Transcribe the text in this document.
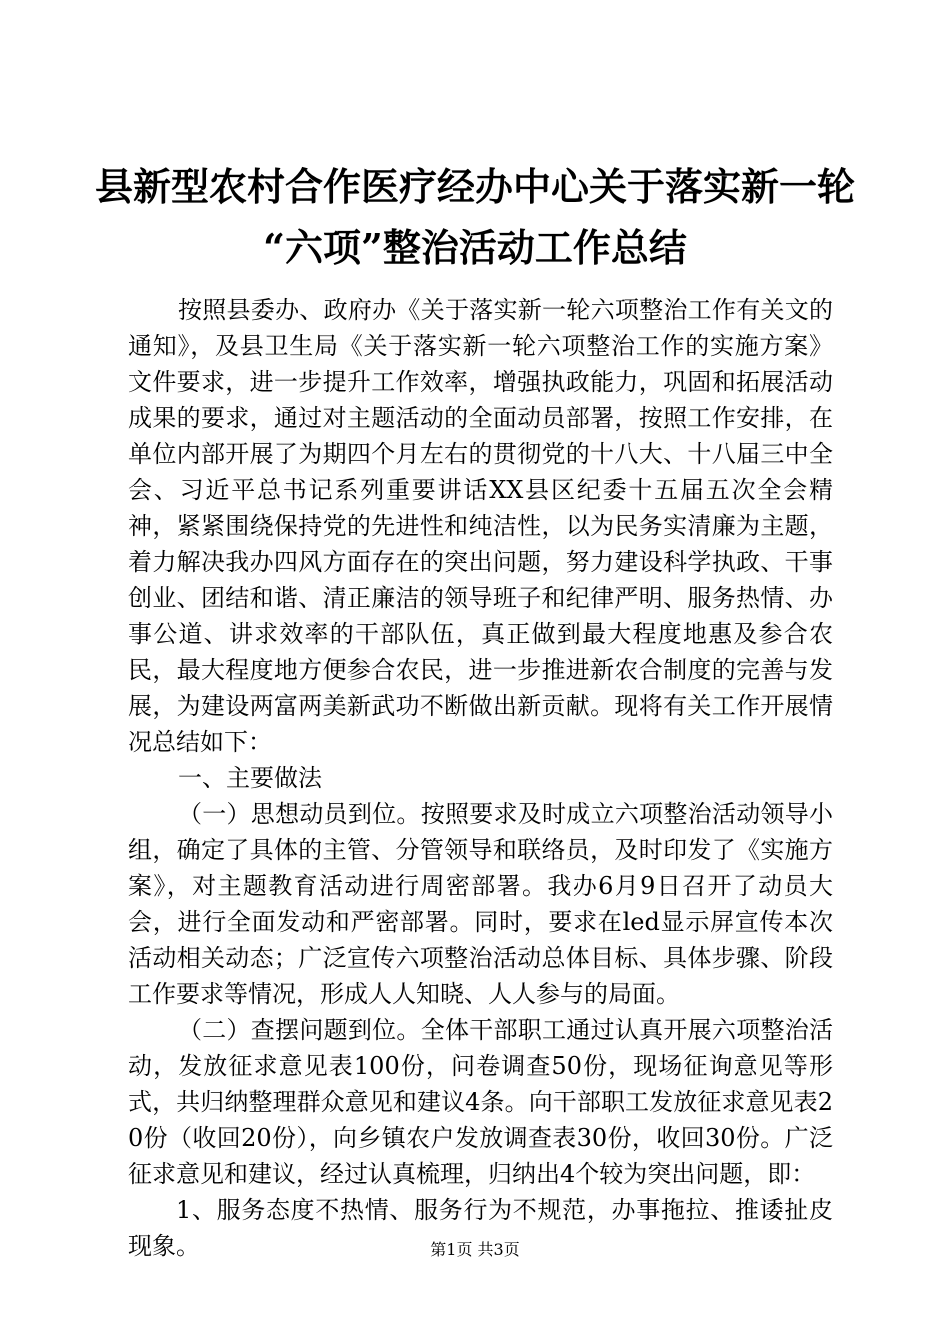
县新型农村合作医疗经办中心关于落实新一轮
“六项”整治活动工作总结

按照县委办、政府办《关于落实新一轮六项整治工作有关文的通知》，及县卫生局《关于落实新一轮六项整治工作的实施方案》文件要求，进一步提升工作效率，增强执政能力，巩固和拓展活动成果的要求，通过对主题活动的全面动员部署，按照工作安排，在单位内部开展了为期四个月左右的贯彻党的十八大、十八届三中全会、习近平总书记系列重要讲话XX县区纪委十五届五次全会精神，紧紧围绕保持党的先进性和纯洁性，以为民务实清廉为主题，着力解决我办四风方面存在的突出问题，努力建设科学执政、干事创业、团结和谐、清正廉洁的领导班子和纪律严明、服务热情、办事公道、讲求效率的干部队伍，真正做到最大程度地惠及参合农民，最大程度地方便参合农民，进一步推进新农合制度的完善与发展，为建设两富两美新武功不断做出新贡献。现将有关工作开展情况总结如下：

一、主要做法

（一）思想动员到位。按照要求及时成立六项整治活动领导小组，确定了具体的主管、分管领导和联络员，及时印发了《实施方案》，对主题教育活动进行周密部署。我办6月9日召开了动员大会，进行全面发动和严密部署。同时，要求在led显示屏宣传本次活动相关动态；广泛宣传六项整治活动总体目标、具体步骤、阶段工作要求等情况，形成人人知晓、人人参与的局面。

（二）查摆问题到位。全体干部职工通过认真开展六项整治活动，发放征求意见表100份，问卷调查50份，现场征询意见等形式，共归纳整理群众意见和建议4条。向干部职工发放征求意见表20份（收回20份），向乡镇农户发放调查表30份，收回30份。广泛征求意见和建议，经过认真梳理，归纳出4个较为突出问题，即：

1、服务态度不热情、服务行为不规范，办事拖拉、推诿扯皮现象。	第1页 共3页
